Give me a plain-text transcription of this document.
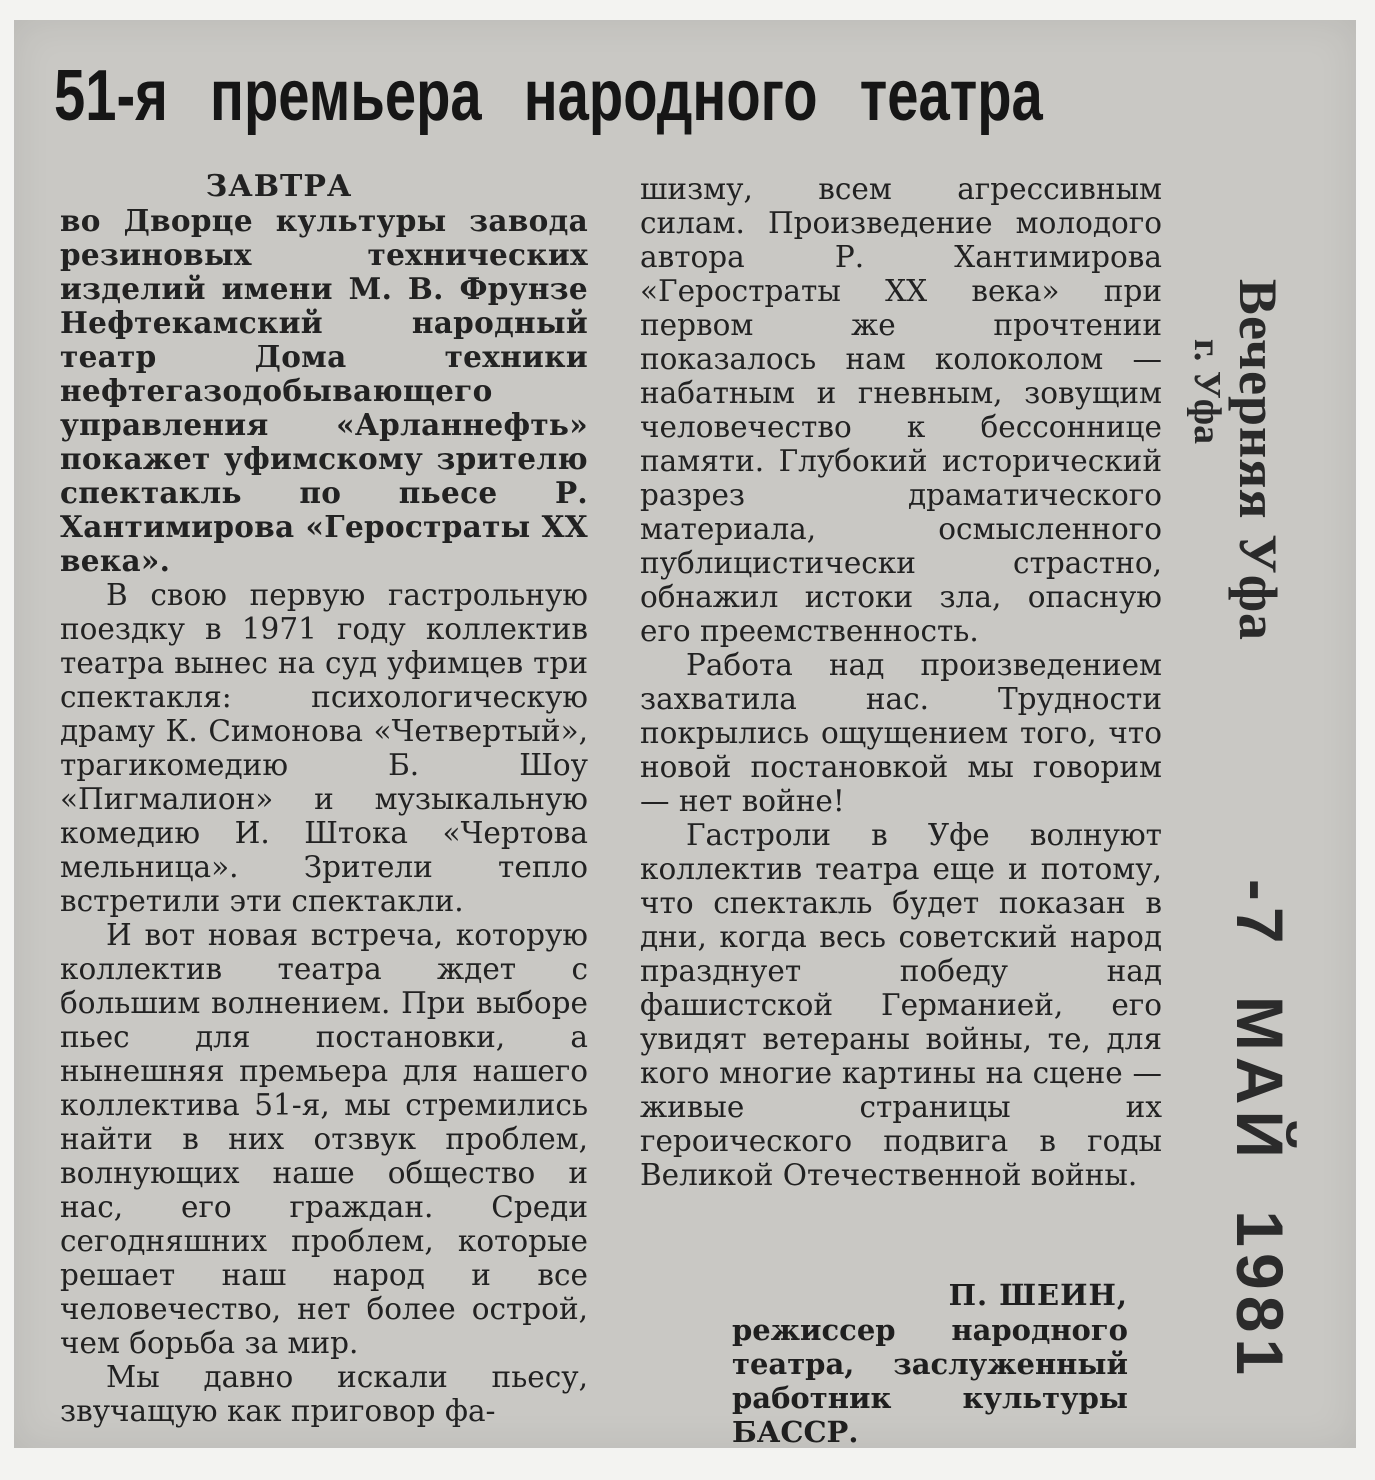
51-я премьера народного театра
ЗАВТРА

во Дворце культуры завода резиновых технических изделий имени М. В. Фрунзе Нефтекамский народный театр Дома техники нефтегазодобывающего управления «Арланнефть» покажет уфимскому зрителю спектакль по пьесе Р. Хантимирова «Герострaты XX века».

В свою первую гастрольную поездку в 1971 году коллектив театра вынес на суд уфимцев три спектакля: психологическую драму К. Симонова «Четвертый», трагикомедию Б. Шоу «Пигмалион» и музыкальную комедию И. Штока «Чертова мельница». Зрители тепло встретили эти спектакли.

И вот новая встреча, которую коллектив театра ждет с большим волнением. При выборе пьес для постановки, а нынешняя премьера для нашего коллектива 51-я, мы стремились найти в них отзвук проблем, волнующих наше общество и нас, его граждан. Среди сегодняшних проблем, которые решает наш народ и все человечество, нет более острой, чем борьба за мир.

Мы давно искали пьесу, звучащую как приговор фа-

шизму, всем агрессивным силам. Произведение молодого автора Р. Хантимирова «Герострaты XX века» при первом же прочтении показалось нам колоколом — набатным и гневным, зовущим человечество к бессоннице памяти. Глубокий исторический разрез драматического материала, осмысленного публицистически страстно, обнажил истоки зла, опасную его преемственность.

Работа над произведением захватила нас. Трудности покрылись ощущением того, что новой постановкой мы говорим — нет войне!

Гастроли в Уфе волнуют коллектив театра еще и потому, что спектакль будет показан в дни, когда весь советский народ празднует победу над фашистской Германией, его увидят ветераны войны, те, для кого многие картины на сцене — живые страницы их героического подвига в годы Великой Отечественной войны.

П. ШЕИН,
режиссер народного театра, заслуженный работник культуры БАССР.
Вечерняя Уфа
г. Уфа
-7 МАЙ 1981
